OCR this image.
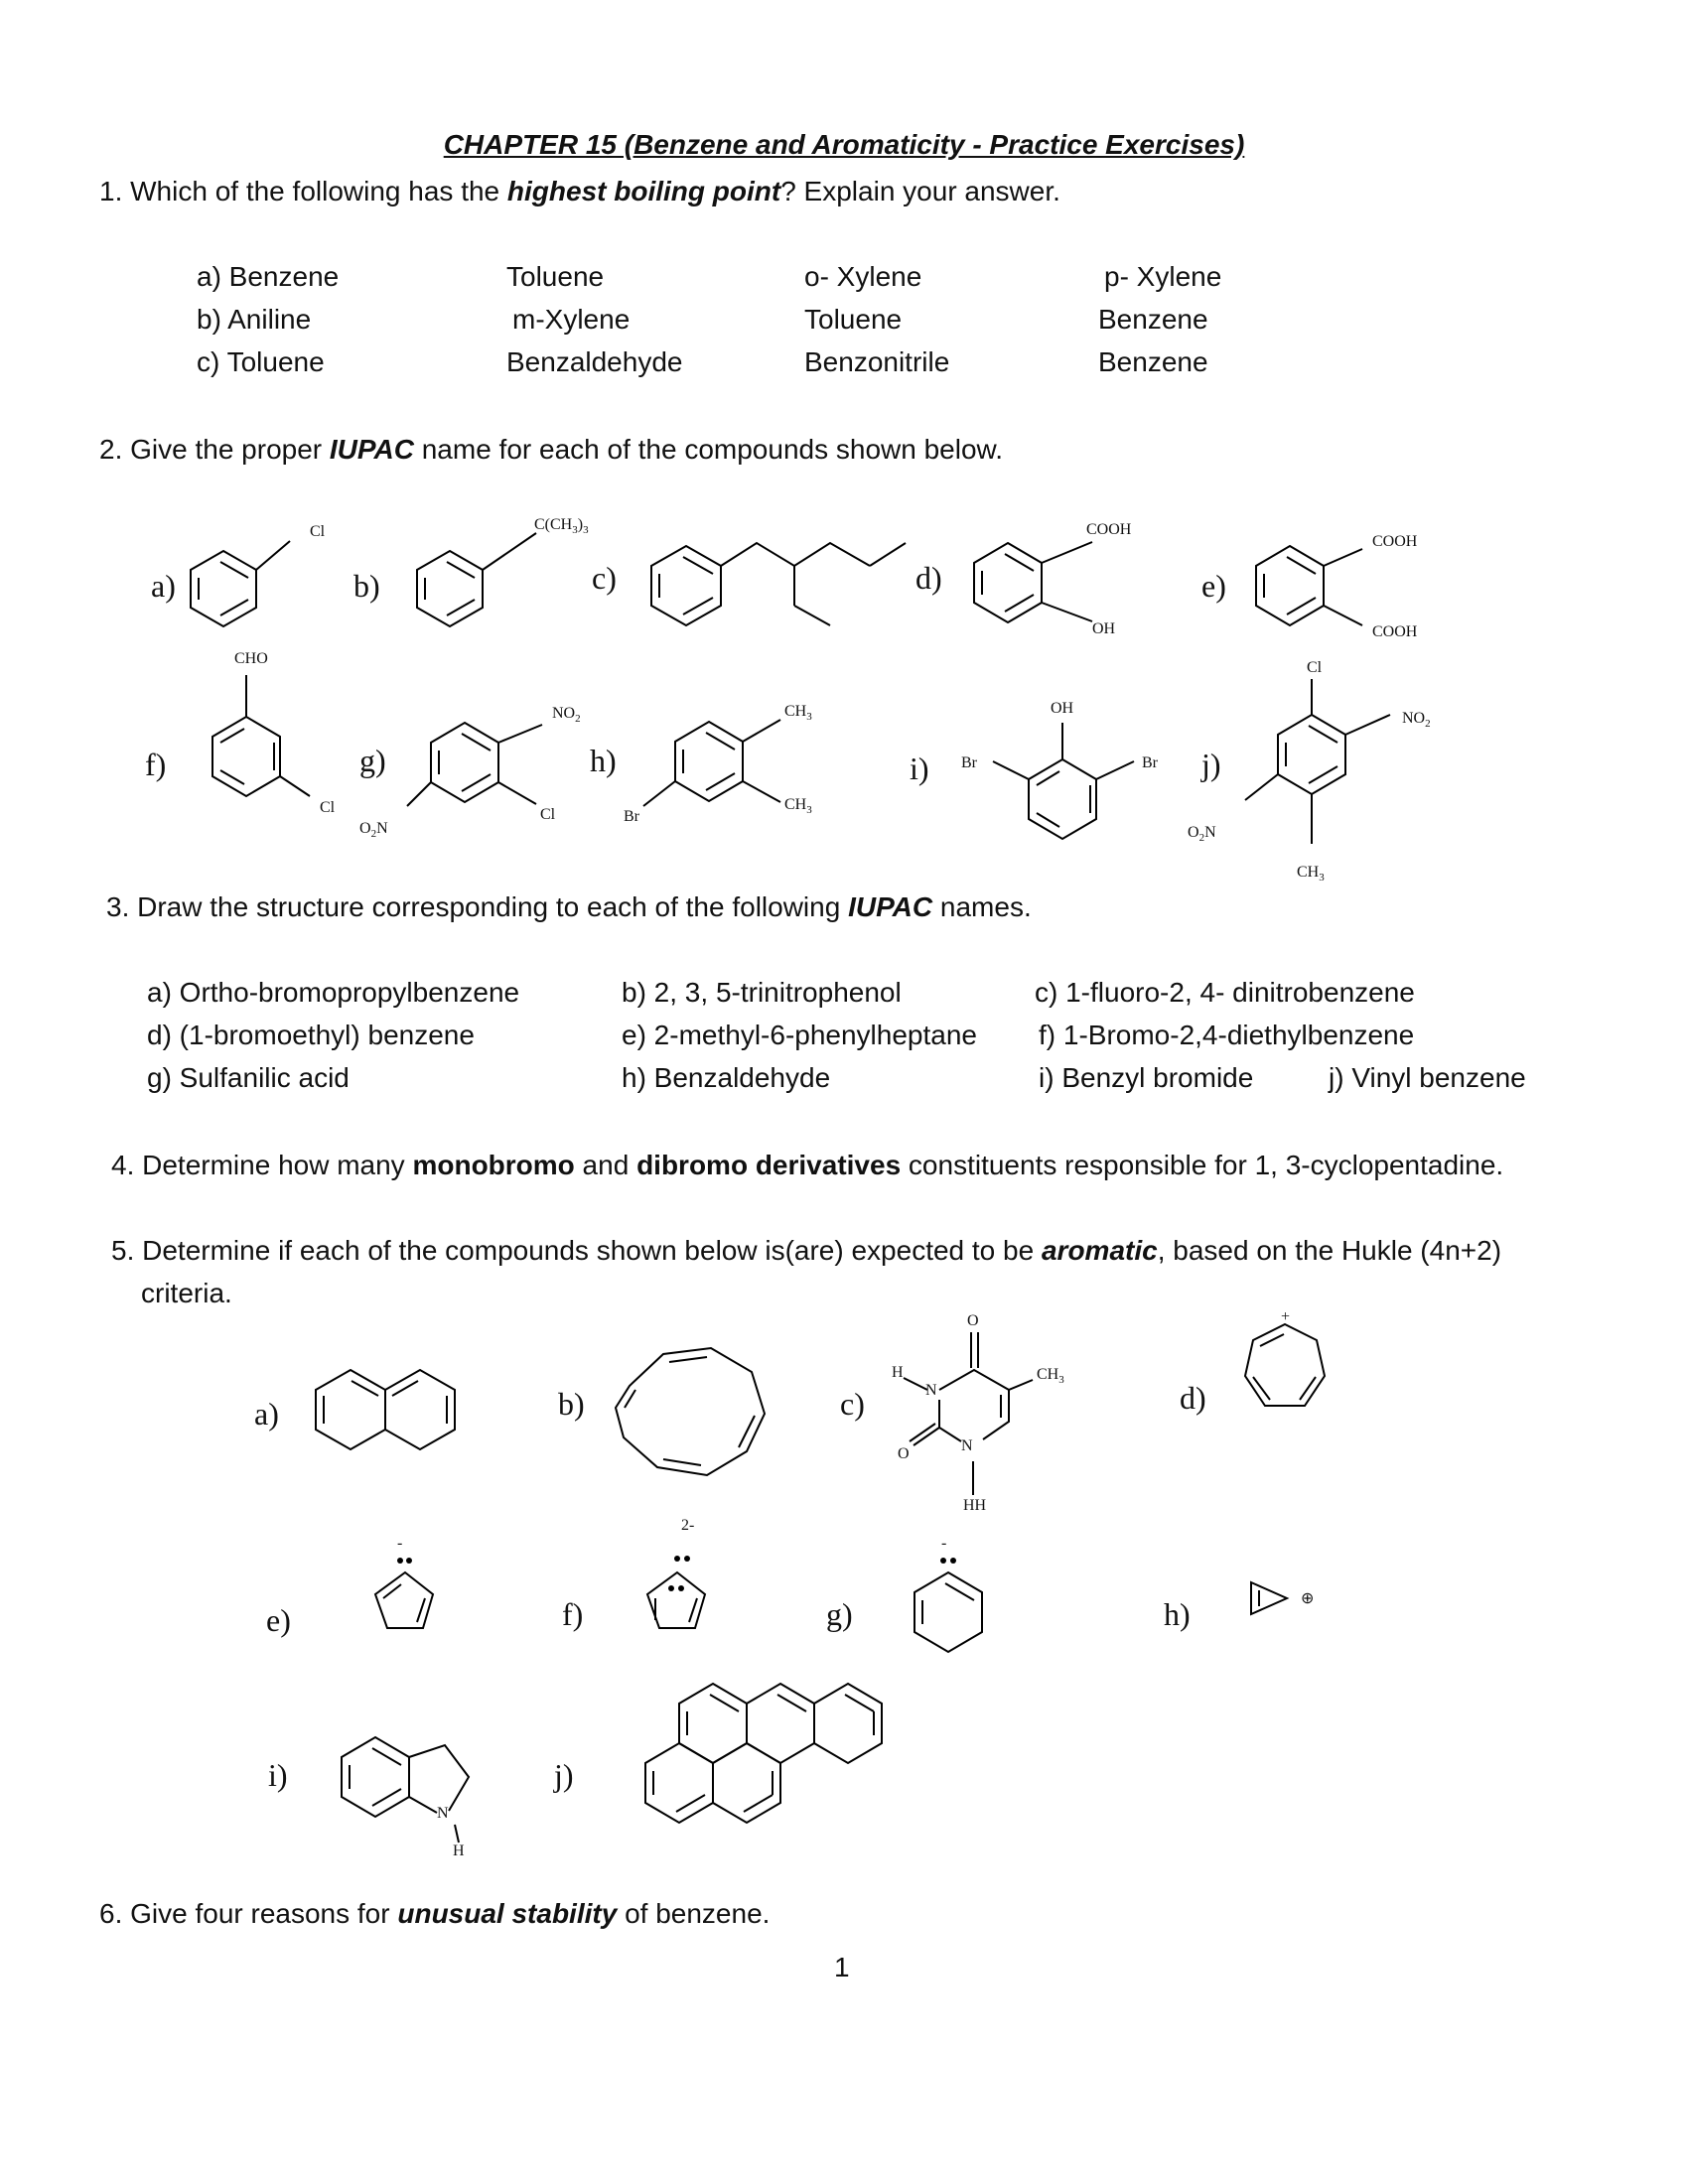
CHAPTER 15 (Benzene and Aromaticity - Practice Exercises)
1. Which of the following has the highest boiling point? Explain your answer.
a) Benzene	Toluene	o- Xylene	p- Xylene
b) Aniline	m-Xylene	Toluene	Benzene
c) Toluene	Benzaldehyde	Benzonitrile	Benzene
2. Give the proper IUPAC name for each of the compounds shown below.
a)	b)	c)	d)	e)
f)	g)	h)	i)	j)
Cl	$C(CH_3)_3$	COOH
OH
COOH
COOH
CHO
Cl
$NO_2$
Cl
$O_2N$
$CH_3$
$CH_3$
Br
OH
Br	Br
Cl
$NO_2$
$O_2N$
$CH_3$
3. Draw the structure corresponding to each of the following IUPAC names.
a) Ortho-bromopropylbenzene	b) 2, 3, 5-trinitrophenol	c) 1-fluoro-2, 4- dinitrobenzene
d) (1-bromoethyl) benzene	e) 2-methyl-6-phenylheptane f) 1-Bromo-2,4-diethylbenzene
g) Sulfanilic acid	h) Benzaldehyde	i) Benzyl bromide	j) Vinyl benzene
4. Determine how many monobromo and dibromo derivatives constituents responsible for 1, 3-cyclopentadine.
5. Determine if each of the compounds shown below is(are) expected to be aromatic, based on the Hukle (4n+2)
criteria.
a)	b)	c)	d)
e)	f)	g)	h)
i)	j)
O
H
N
$CH_3$
O	N
HH
+
-
2-
-
⊕
N
H
6. Give four reasons for unusual stability of benzene.
1
